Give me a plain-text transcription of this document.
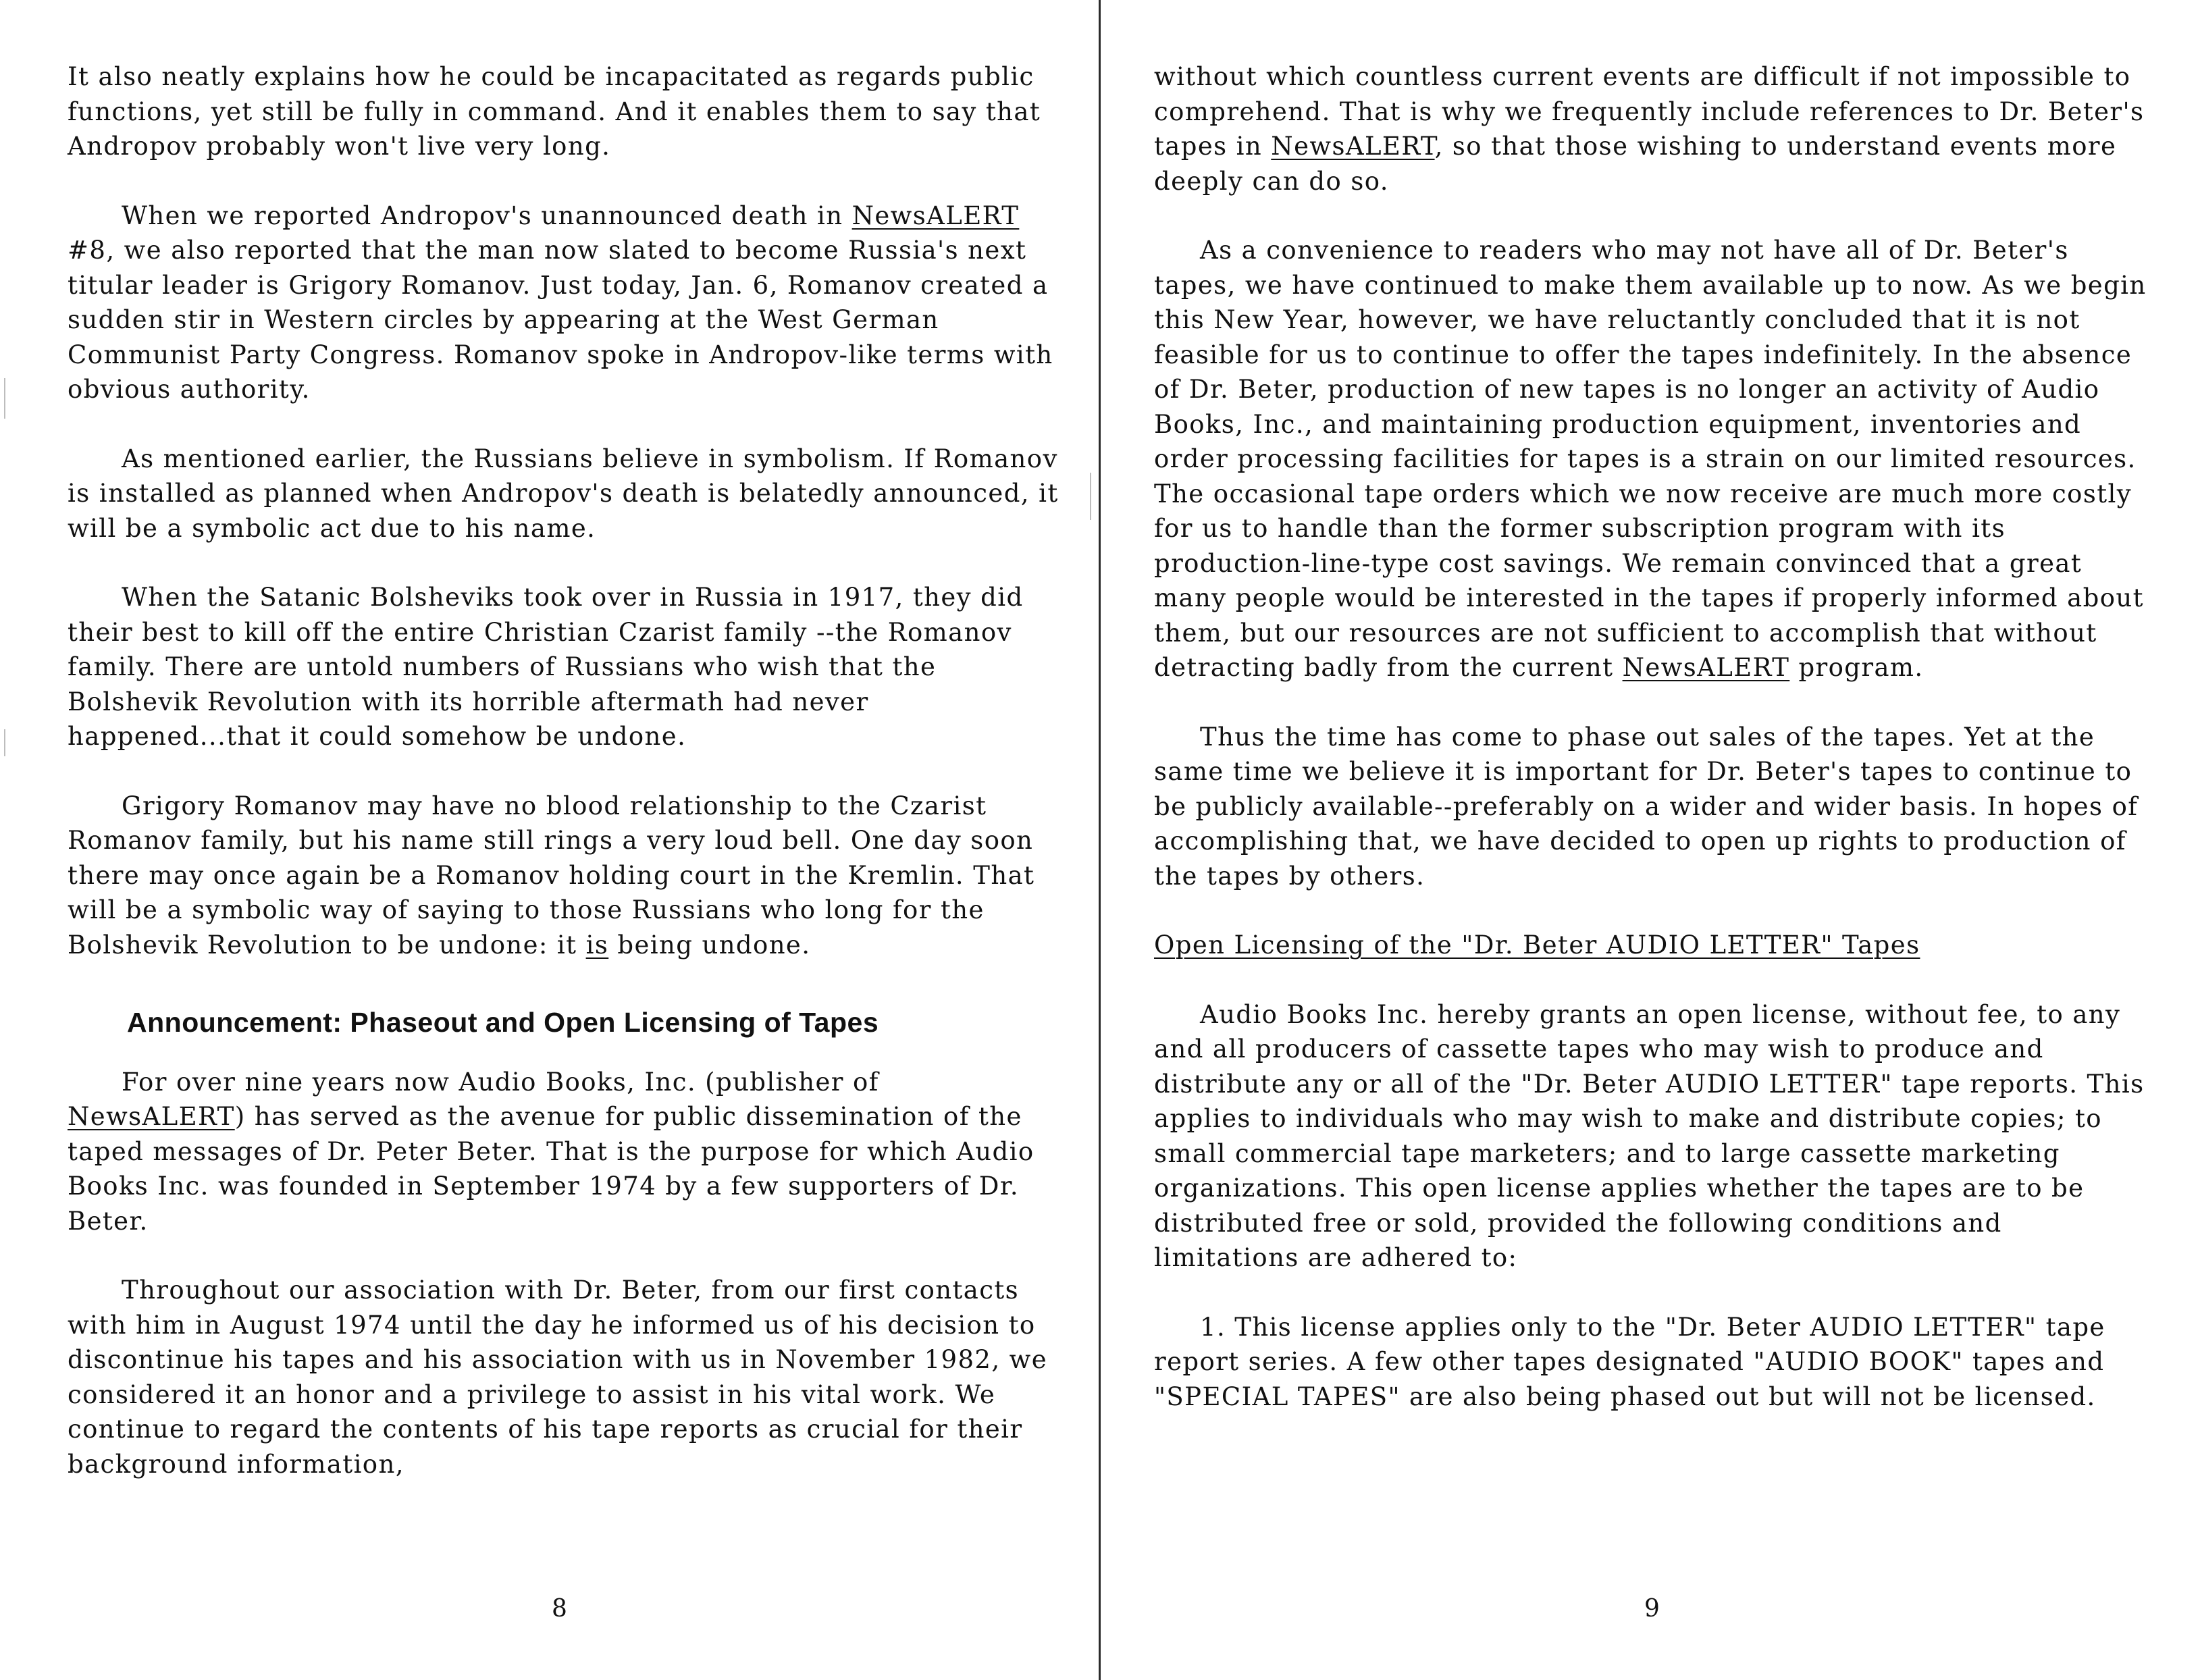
It also neatly explains how he could be incapacitated as regards public functions, yet still be fully in command. And it enables them to say that Andropov probably won't live very long.

When we reported Andropov's unannounced death in NewsALERT #8, we also reported that the man now slated to become Russia's next titular leader is Grigory Romanov. Just today, Jan. 6, Romanov created a sudden stir in Western circles by appearing at the West German Communist Party Congress. Romanov spoke in Andropov-like terms with obvious authority.

As mentioned earlier, the Russians believe in symbolism. If Romanov is installed as planned when Andropov's death is belatedly announced, it will be a symbolic act due to his name.

When the Satanic Bolsheviks took over in Russia in 1917, they did their best to kill off the entire Christian Czarist family --the Romanov family. There are untold numbers of Russians who wish that the Bolshevik Revolution with its horrible aftermath had never happened...that it could somehow be undone.

Grigory Romanov may have no blood relationship to the Czarist Romanov family, but his name still rings a very loud bell. One day soon there may once again be a Romanov holding court in the Kremlin. That will be a symbolic way of saying to those Russians who long for the Bolshevik Revolution to be undone: it is being undone.

Announcement: Phaseout and Open Licensing of Tapes

For over nine years now Audio Books, Inc. (publisher of NewsALERT) has served as the avenue for public dissemination of the taped messages of Dr. Peter Beter. That is the purpose for which Audio Books Inc. was founded in September 1974 by a few supporters of Dr. Beter.

Throughout our association with Dr. Beter, from our first contacts with him in August 1974 until the day he informed us of his decision to discontinue his tapes and his association with us in November 1982, we considered it an honor and a privilege to assist in his vital work. We continue to regard the contents of his tape reports as crucial for their background information,

8

without which countless current events are difficult if not impossible to comprehend. That is why we frequently include references to Dr. Beter's tapes in NewsALERT, so that those wishing to understand events more deeply can do so.

As a convenience to readers who may not have all of Dr. Beter's tapes, we have continued to make them available up to now. As we begin this New Year, however, we have reluctantly concluded that it is not feasible for us to continue to offer the tapes indefinitely. In the absence of Dr. Beter, production of new tapes is no longer an activity of Audio Books, Inc., and maintaining production equipment, inventories and order processing facilities for tapes is a strain on our limited resources. The occasional tape orders which we now receive are much more costly for us to handle than the former subscription program with its production-line-type cost savings. We remain convinced that a great many people would be interested in the tapes if properly informed about them, but our resources are not sufficient to accomplish that without detracting badly from the current NewsALERT program.

Thus the time has come to phase out sales of the tapes. Yet at the same time we believe it is important for Dr. Beter's tapes to continue to be publicly available--preferably on a wider and wider basis. In hopes of accomplishing that, we have decided to open up rights to production of the tapes by others.

Open Licensing of the "Dr. Beter AUDIO LETTER" Tapes

Audio Books Inc. hereby grants an open license, without fee, to any and all producers of cassette tapes who may wish to produce and distribute any or all of the "Dr. Beter AUDIO LETTER" tape reports. This applies to individuals who may wish to make and distribute copies; to small commercial tape marketers; and to large cassette marketing organizations. This open license applies whether the tapes are to be distributed free or sold, provided the following conditions and limitations are adhered to:

1. This license applies only to the "Dr. Beter AUDIO LETTER" tape report series. A few other tapes designated "AUDIO BOOK" tapes and "SPECIAL TAPES" are also being phased out but will not be licensed.

9
